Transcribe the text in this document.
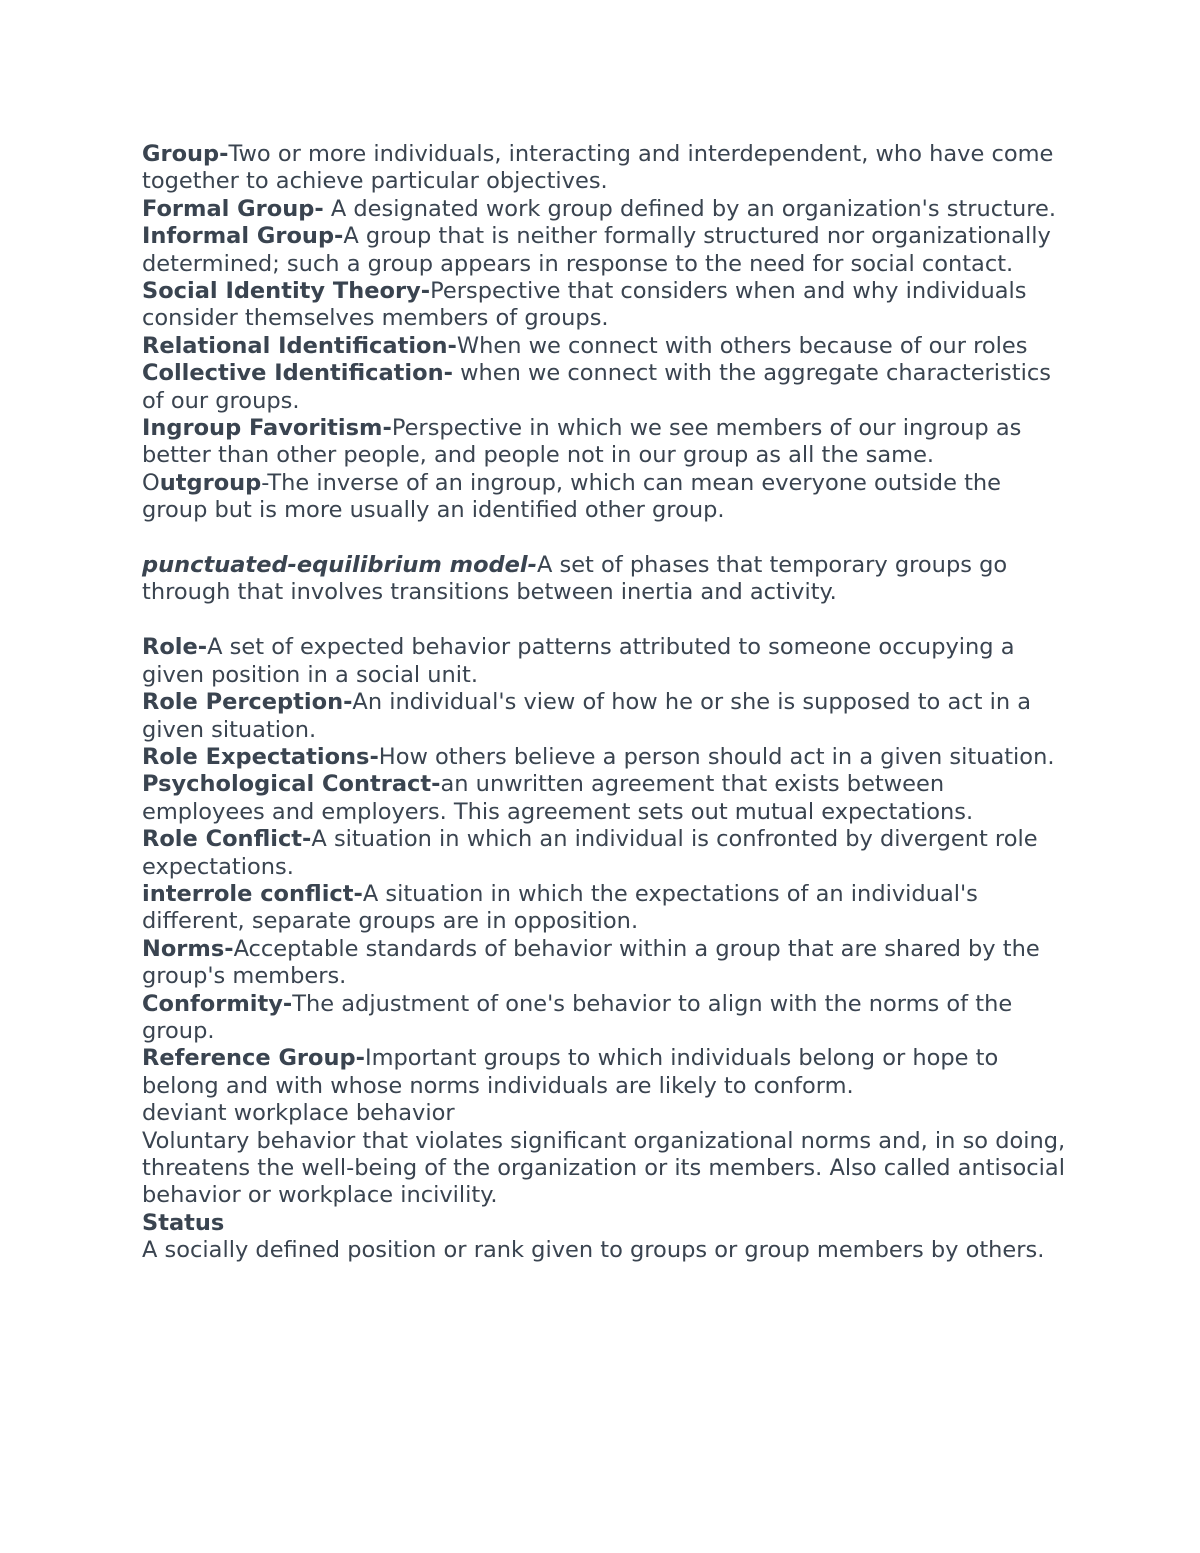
Group-Two or more individuals, interacting and interdependent, who have come together to achieve particular objectives.

Formal Group- A designated work group defined by an organization's structure.

Informal Group-A group that is neither formally structured nor organizationally determined; such a group appears in response to the need for social contact.

Social Identity Theory-Perspective that considers when and why individuals consider themselves members of groups.

Relational Identification-When we connect with others because of our roles

Collective Identification- when we connect with the aggregate characteristics of our groups.

Ingroup Favoritism-Perspective in which we see members of our ingroup as better than other people, and people not in our group as all the same.

Outgroup-The inverse of an ingroup, which can mean everyone outside the group but is more usually an identified other group.

punctuated-equilibrium model-A set of phases that temporary groups go through that involves transitions between inertia and activity.

Role-A set of expected behavior patterns attributed to someone occupying a given position in a social unit.

Role Perception-An individual's view of how he or she is supposed to act in a given situation.

Role Expectations-How others believe a person should act in a given situation.

Psychological Contract-an unwritten agreement that exists between employees and employers. This agreement sets out mutual expectations.

Role Conflict-A situation in which an individual is confronted by divergent role expectations.

interrole conflict-A situation in which the expectations of an individual's different, separate groups are in opposition.

Norms-Acceptable standards of behavior within a group that are shared by the group's members.

Conformity-The adjustment of one's behavior to align with the norms of the group.

Reference Group-Important groups to which individuals belong or hope to belong and with whose norms individuals are likely to conform.

deviant workplace behavior

Voluntary behavior that violates significant organizational norms and, in so doing, threatens the well-being of the organization or its members. Also called antisocial behavior or workplace incivility.

Status

A socially defined position or rank given to groups or group members by others.
